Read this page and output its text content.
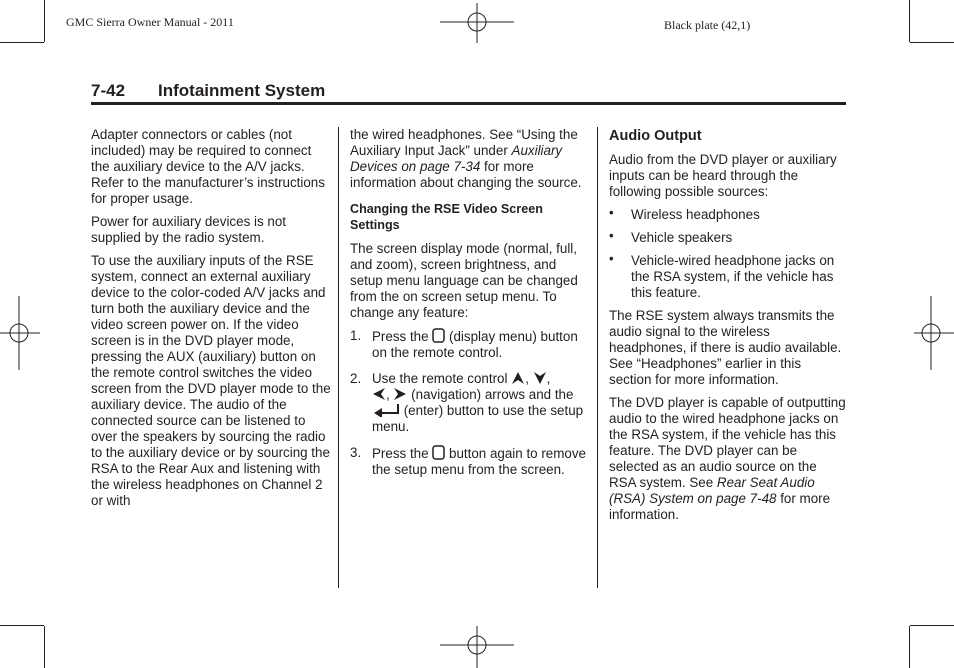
GMC Sierra Owner Manual - 2011	Black plate (42,1)
7-42 Infotainment System

Adapter connectors or cables (not included) may be required to connect the auxiliary device to the A/V jacks. Refer to the manufacturer’s instructions for proper usage.

Power for auxiliary devices is not supplied by the radio system.

To use the auxiliary inputs of the RSE system, connect an external auxiliary device to the color-coded A/V jacks and turn both the auxiliary device and the video screen power on. If the video screen is in the DVD player mode, pressing the AUX (auxiliary) button on the remote control switches the video screen from the DVD player mode to the auxiliary device. The audio of the connected source can be listened to over the speakers by sourcing the radio to the auxiliary device or by sourcing the RSA to the Rear Aux and listening with the wireless headphones on Channel 2 or with

the wired headphones. See “Using the Auxiliary Input Jack” under Auxiliary Devices on page 7-34 for more information about changing the source.

Changing the RSE Video Screen Settings

The screen display mode (normal, full, and zoom), screen brightness, and setup menu language can be changed from the on screen setup menu. To change any feature:

1. Press the  (display menu) button on the remote control.
2. Use the remote control , ,
,  (navigation) arrows and the  (enter) button to use the setup menu.
3. Press the  button again to remove the setup menu from the screen.
Audio Output

Audio from the DVD player or auxiliary inputs can be heard through the following possible sources:

• Wireless headphones
• Vehicle speakers
• Vehicle-wired headphone jacks on the RSA system, if the vehicle has this feature.

The RSE system always transmits the audio signal to the wireless headphones, if there is audio available. See “Headphones” earlier in this section for more information.

The DVD player is capable of outputting audio to the wired headphone jacks on the RSA system, if the vehicle has this feature. The DVD player can be selected as an audio source on the RSA system. See Rear Seat Audio (RSA) System on page 7-48 for more information.
